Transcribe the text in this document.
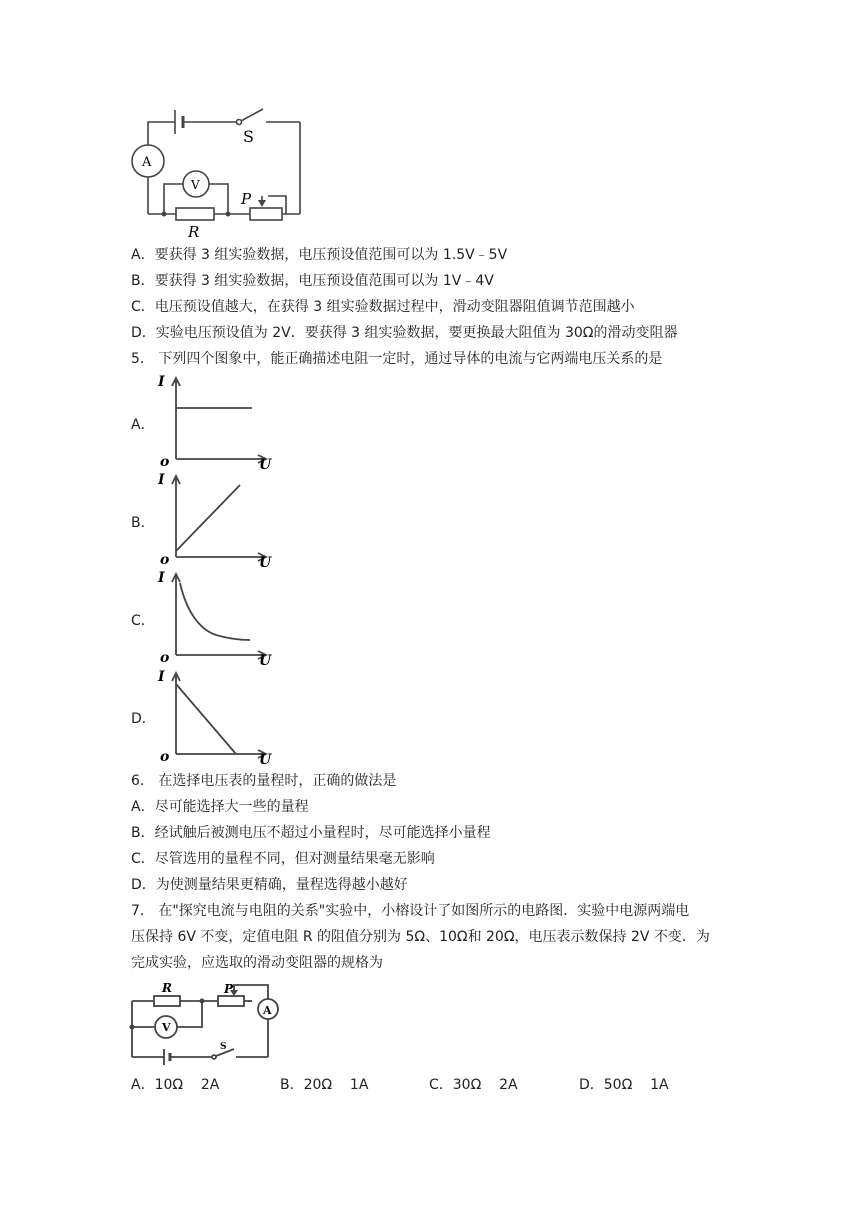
S
A
V
P
R
A．要获得 3 组实验数据，电压预设值范围可以为 1.5V﹣5V
B．要获得 3 组实验数据，电压预设值范围可以为 1V﹣4V
C．电压预设值越大，在获得 3 组实验数据过程中，滑动变阻器阻值调节范围越小
D．实验电压预设值为 2V．要获得 3 组实验数据，要更换最大阻值为 30Ω的滑动变阻器
5． 下列四个图象中，能正确描述电阻一定时，通过导体的电流与它两端电压关系的是
A．
I
U
o
B．
I
U
o
C．
I
U
o
D．
I
U
o
6． 在选择电压表的量程时，正确的做法是
A．尽可能选择大一些的量程
B．经试触后被测电压不超过小量程时，尽可能选择小量程
C．尽管选用的量程不同，但对测量结果毫无影响
D．为使测量结果更精确，量程选得越小越好
7． 在"探究电流与电阻的关系"实验中，小榕设计了如图所示的电路图．实验中电源两端电
压保持 6V 不变，定值电阻 R 的阻值分别为 5Ω、10Ω和 20Ω，电压表示数保持 2V 不变．为
完成实验，应选取的滑动变阻器的规格为
R	P
A
V
S
A．10Ω    2A	B．20Ω    1A	C．30Ω    2A	D．50Ω    1A
